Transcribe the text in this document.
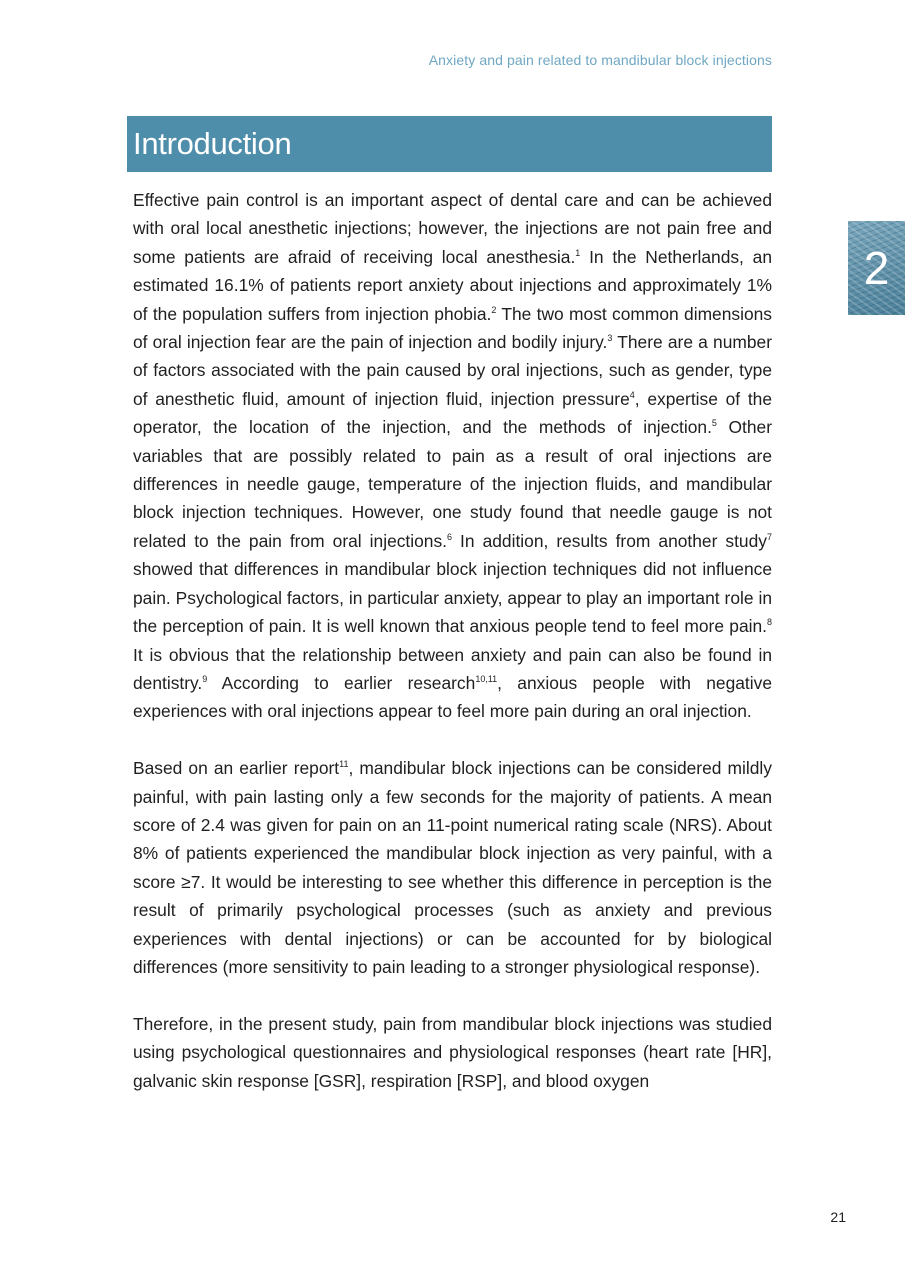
Anxiety and pain related to mandibular block injections
Introduction
2

Effective pain control is an important aspect of dental care and can be achieved with oral local anesthetic injections; however, the injections are not pain free and some patients are afraid of receiving local anesthesia.$^1$ In the Netherlands, an estimated 16.1% of patients report anxiety about injections and approximately 1% of the population suffers from injection phobia.$^2$ The two most common dimensions of oral injection fear are the pain of injection and bodily injury.$^3$ There are a number of factors associated with the pain caused by oral injections, such as gender, type of anesthetic fluid, amount of injection fluid, injection pressure$^4$, expertise of the operator, the location of the injection, and the methods of injection.$^5$ Other variables that are possibly related to pain as a result of oral injections are differences in needle gauge, temperature of the injection fluids, and mandibular block injection techniques. However, one study found that needle gauge is not related to the pain from oral injections.$^6$ In addition, results from another study$^7$ showed that differences in mandibular block injection techniques did not influence pain. Psychological factors, in particular anxiety, appear to play an important role in the perception of pain. It is well known that anxious people tend to feel more pain.$^8$ It is obvious that the relationship between anxiety and pain can also be found in dentistry.$^9$ According to earlier research$^{10,11}$, anxious people with negative experiences with oral injections appear to feel more pain during an oral injection.

Based on an earlier report$^{11}$, mandibular block injections can be considered mildly painful, with pain lasting only a few seconds for the majority of patients. A mean score of 2.4 was given for pain on an 11-point numerical rating scale (NRS). About 8% of patients experienced the mandibular block injection as very painful, with a score ≥7. It would be interesting to see whether this difference in perception is the result of primarily psychological processes (such as anxiety and previous experiences with dental injections) or can be accounted for by biological differences (more sensitivity to pain leading to a stronger physiological response).

Therefore, in the present study, pain from mandibular block injections was studied using psychological questionnaires and physiological responses (heart rate [HR], galvanic skin response [GSR], respiration [RSP], and blood oxygen

21
